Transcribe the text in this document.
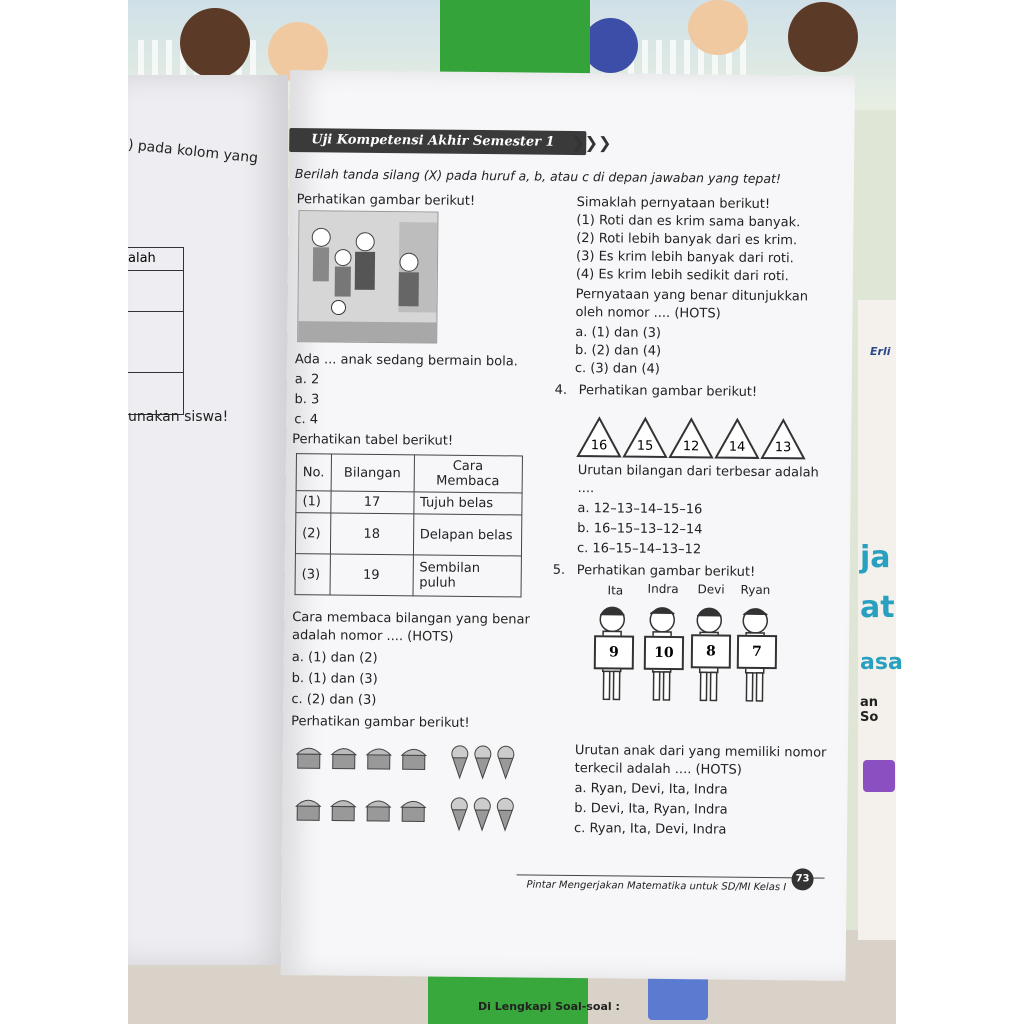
Di Lengkapi Soal-soal :
Erli
ja
at
asa
an So
) pada kolom yang
alah
unakan siswa!
Uji Kompetensi Akhir Semester 1	❯❯❯
Berilah tanda silang (X) pada huruf a, b, atau c di depan jawaban yang tepat!
Perhatikan gambar berikut!
Ada ... anak sedang bermain bola.
a. 2
b. 3
c. 4
Perhatikan tabel berikut!
No.	Bilangan	Cara Membaca
(1)	17	Tujuh belas
(2)	18	Delapan belas
(3)	19	Sembilan puluh
Cara membaca bilangan yang benar
adalah nomor .... (HOTS)
a. (1) dan (2)
b. (1) dan (3)
c. (2) dan (3)
Perhatikan gambar berikut!
Simaklah pernyataan berikut!
(1) Roti dan es krim sama banyak.
(2) Roti lebih banyak dari es krim.
(3) Es krim lebih banyak dari roti.
(4) Es krim lebih sedikit dari roti.
Pernyataan yang benar ditunjukkan
oleh nomor .... (HOTS)
a. (1) dan (3)
b. (2) dan (4)
c. (3) dan (4)
4. Perhatikan gambar berikut!
16	15	12	14	13
Urutan bilangan dari terbesar adalah
....
a. 12–13–14–15–16
b. 16–15–13–12–14
c. 16–15–14–13–12
5. Perhatikan gambar berikut!
Ita Indra Devi Ryan
9	10	8	7
Urutan anak dari yang memiliki nomor
terkecil adalah .... (HOTS)
a. Ryan, Devi, Ita, Indra
b. Devi, Ita, Ryan, Indra
c. Ryan, Ita, Devi, Indra
Pintar Mengerjakan Matematika untuk SD/MI Kelas I
73
